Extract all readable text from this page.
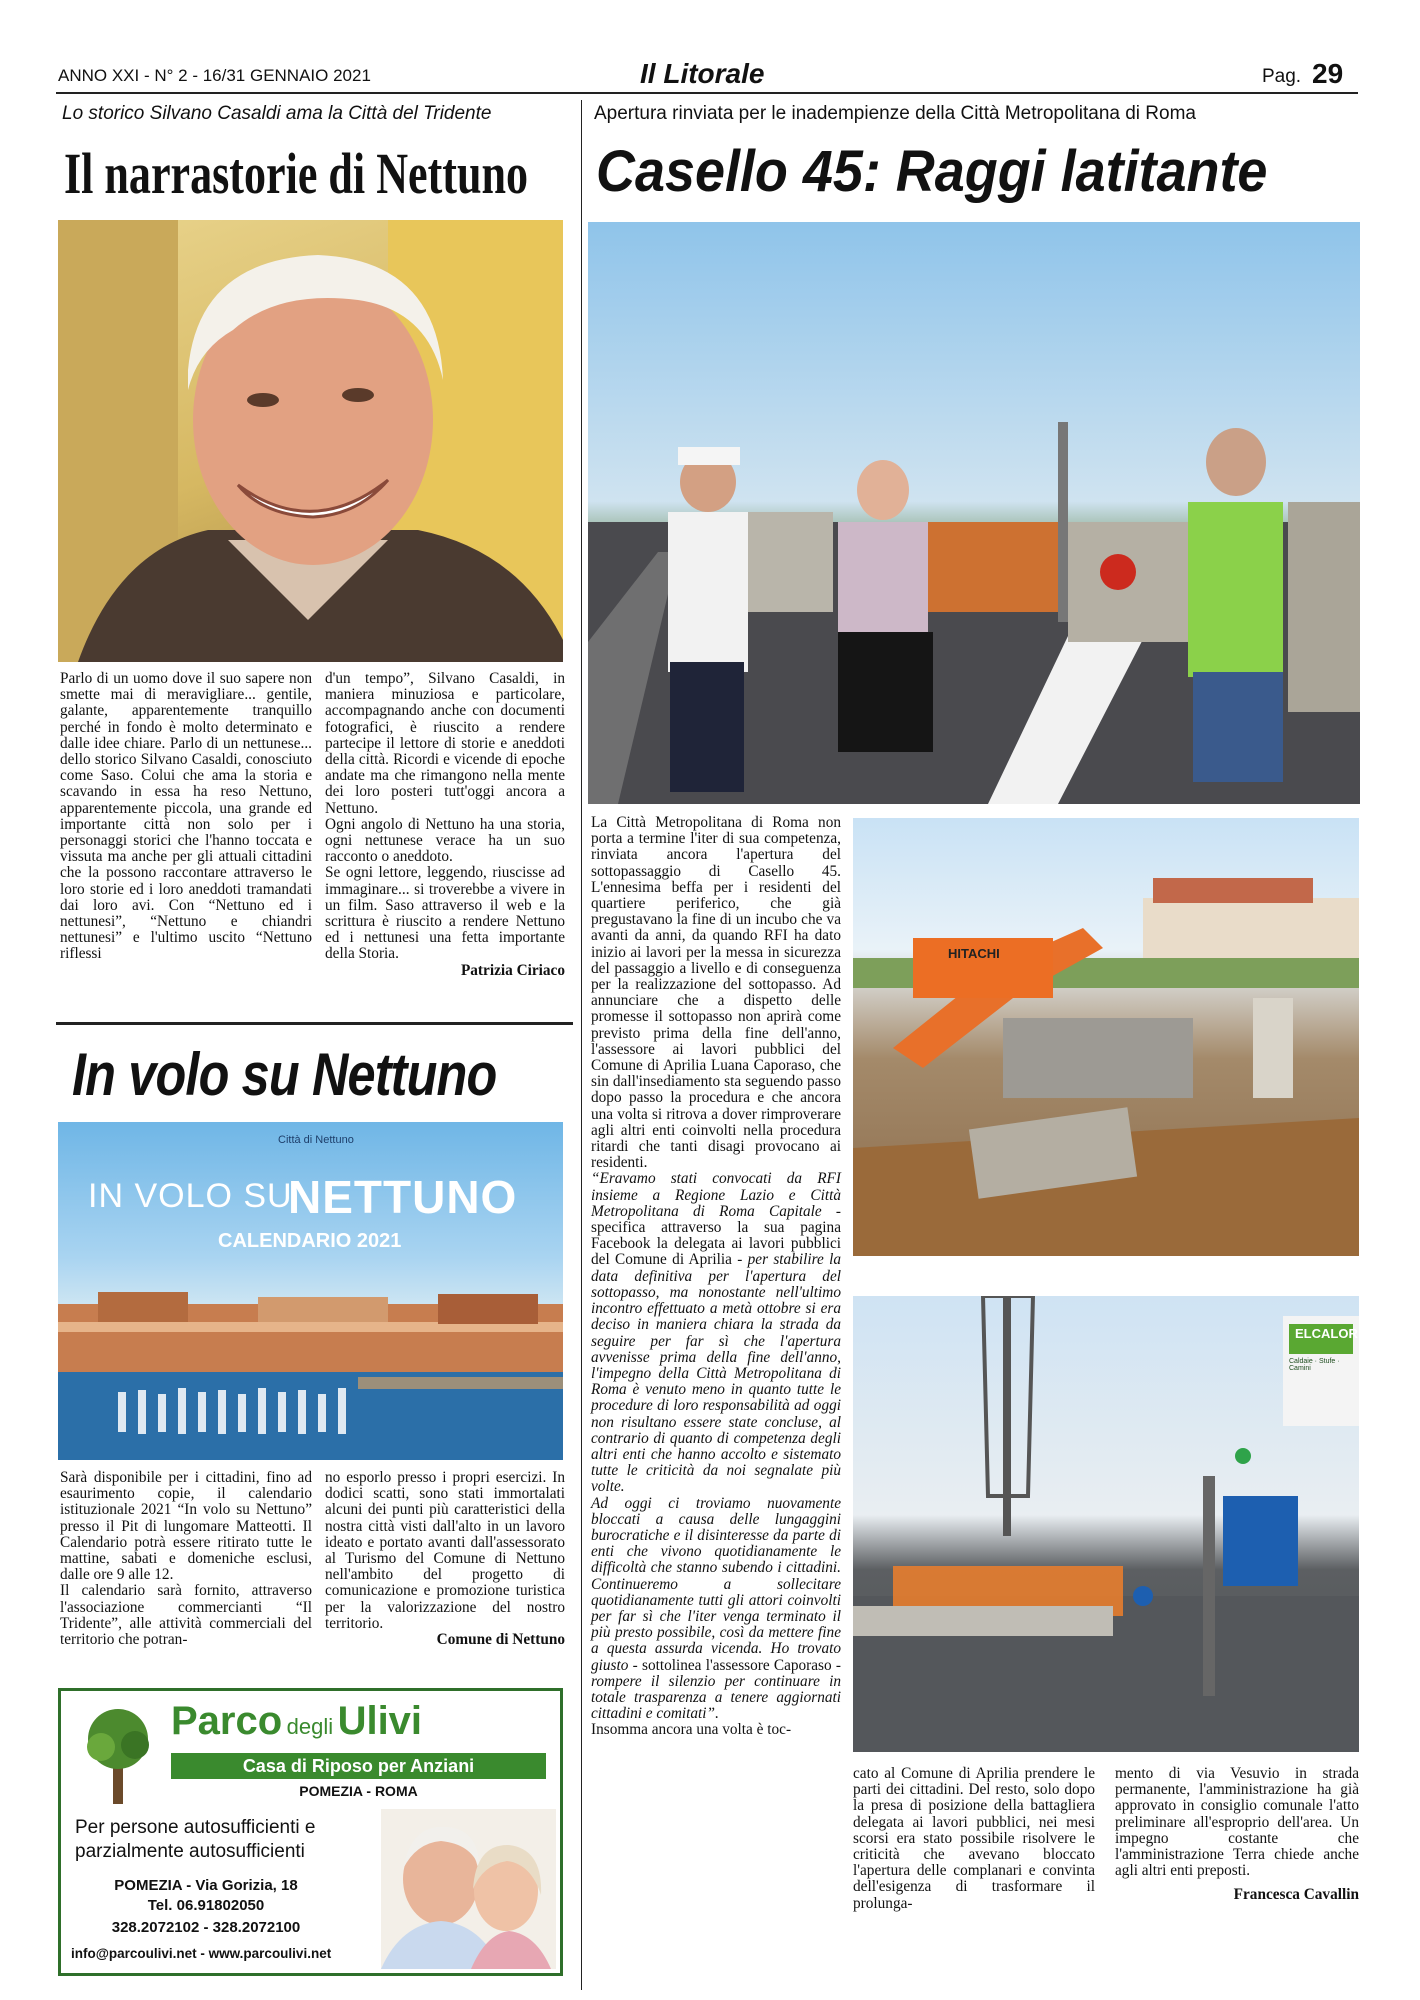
ANNO XXI - N° 2 - 16/31 GENNAIO 2021	Il Litorale	Pag. 29
Lo storico Silvano Casaldi ama la Città del Tridente
Il narrastorie di Nettuno

Parlo di un uomo dove il suo sapere non smette mai di meravigliare... gentile, galante, apparentemente tranquillo perché in fondo è molto determinato e dalle idee chiare. Parlo di un nettunese... dello storico Silvano Casaldi, conosciuto come Saso. Colui che ama la storia e scavando in essa ha reso Nettuno, apparentemente piccola, una grande ed importante città non solo per i personaggi storici che l'hanno toccata e vissuta ma anche per gli attuali cittadini che la possono raccontare attraverso le loro storie ed i loro aneddoti tramandati dai loro avi. Con “Nettuno ed i nettunesi”, “Nettuno e chiandri nettunesi” e l'ultimo uscito “Nettuno riflessi

d'un tempo”, Silvano Casaldi, in maniera minuziosa e particolare, accompagnando anche con documenti fotografici, è riuscito a rendere partecipe il lettore di storie e aneddoti della città. Ricordi e vicende di epoche andate ma che rimangono nella mente dei loro posteri tutt'oggi ancora a Nettuno.

Ogni angolo di Nettuno ha una storia, ogni nettunese verace ha un suo racconto o aneddoto.

Se ogni lettore, leggendo, riuscisse ad immaginare... si troverebbe a vivere in un film. Saso attraverso il web e la scrittura è riuscito a rendere Nettuno ed i nettunesi una fetta importante della Storia.

Patrizia Ciriaco

In volo su Nettuno
Città di Nettuno
IN VOLO SU
NETTUNO
CALENDARIO 2021

Sarà disponibile per i cittadini, fino ad esaurimento copie, il calendario istituzionale 2021 “In volo su Nettuno” presso il Pit di lungomare Matteotti. Il Calendario potrà essere ritirato tutte le mattine, sabati e domeniche esclusi, dalle ore 9 alle 12.

Il calendario sarà fornito, attraverso l'associazione commercianti “Il Tridente”, alle attività commerciali del territorio che potran-

no esporlo presso i propri esercizi. In dodici scatti, sono stati immortalati alcuni dei punti più caratteristici della nostra città visti dall'alto in un lavoro ideato e portato avanti dall'assessorato al Turismo del Comune di Nettuno nell'ambito del progetto di comunicazione e promozione turistica per la valorizzazione del nostro territorio.

Comune di Nettuno

Parco degli Ulivi
Casa di Riposo per Anziani
POMEZIA - ROMA
Per persone autosufficienti e
parzialmente autosufficienti
POMEZIA - Via Gorizia, 18
Tel. 06.91802050
328.2072102 - 328.2072100
info@parcoulivi.net - www.parcoulivi.net
Apertura rinviata per le inadempienze della Città Metropolitana di Roma
Casello 45: Raggi latitante

La Città Metropolitana di Roma non porta a termine l'iter di sua competenza, rinviata ancora l'apertura del sottopassaggio di Casello 45. L'ennesima beffa per i residenti del quartiere periferico, che già pregustavano la fine di un incubo che va avanti da anni, da quando RFI ha dato inizio ai lavori per la messa in sicurezza del passaggio a livello e di conseguenza per la realizzazione del sottopasso. Ad annunciare che a dispetto delle promesse il sottopasso non aprirà come previsto prima della fine dell'anno, l'assessore ai lavori pubblici del Comune di Aprilia Luana Caporaso, che sin dall'insediamento sta seguendo passo dopo passo la procedura e che ancora una volta si ritrova a dover rimproverare agli altri enti coinvolti nella procedura ritardi che tanti disagi provocano ai residenti.

“Eravamo stati convocati da RFI insieme a Regione Lazio e Città Metropolitana di Roma Capitale - specifica attraverso la sua pagina Facebook la delegata ai lavori pubblici del Comune di Aprilia - per stabilire la data definitiva per l'apertura del sottopasso, ma nonostante nell'ultimo incontro effettuato a metà ottobre si era deciso in maniera chiara la strada da seguire per far sì che l'apertura avvenisse prima della fine dell'anno, l'impegno della Città Metropolitana di Roma è venuto meno in quanto tutte le procedure di loro responsabilità ad oggi non risultano essere state concluse, al contrario di quanto di competenza degli altri enti che hanno accolto e sistemato tutte le criticità da noi segnalate più volte.

Ad oggi ci troviamo nuovamente bloccati a causa delle lungaggini burocratiche e il disinteresse da parte di enti che vivono quotidianamente le difficoltà che stanno subendo i cittadini. Continueremo a sollecitare quotidianamente tutti gli attori coinvolti per far sì che l'iter venga terminato il più presto possibile, così da mettere fine a questa assurda vicenda. Ho trovato giusto - sottolinea l'assessore Caporaso - rompere il silenzio per continuare in totale trasparenza a tenere aggiornati cittadini e comitati”.

Insomma ancora una volta è toc-

HITACHI
ELCALOR
Caldaie · Stufe · Camini

cato al Comune di Aprilia prendere le parti dei cittadini. Del resto, solo dopo la presa di posizione della battagliera delegata ai lavori pubblici, nei mesi scorsi era stato possibile risolvere le criticità che avevano bloccato l'apertura delle complanari e convinta dell'esigenza di trasformare il prolunga-

mento di via Vesuvio in strada permanente, l'amministrazione ha già approvato in consiglio comunale l'atto preliminare all'esproprio dell'area. Un impegno costante che l'amministrazione Terra chiede anche agli altri enti preposti.

Francesca Cavallin
